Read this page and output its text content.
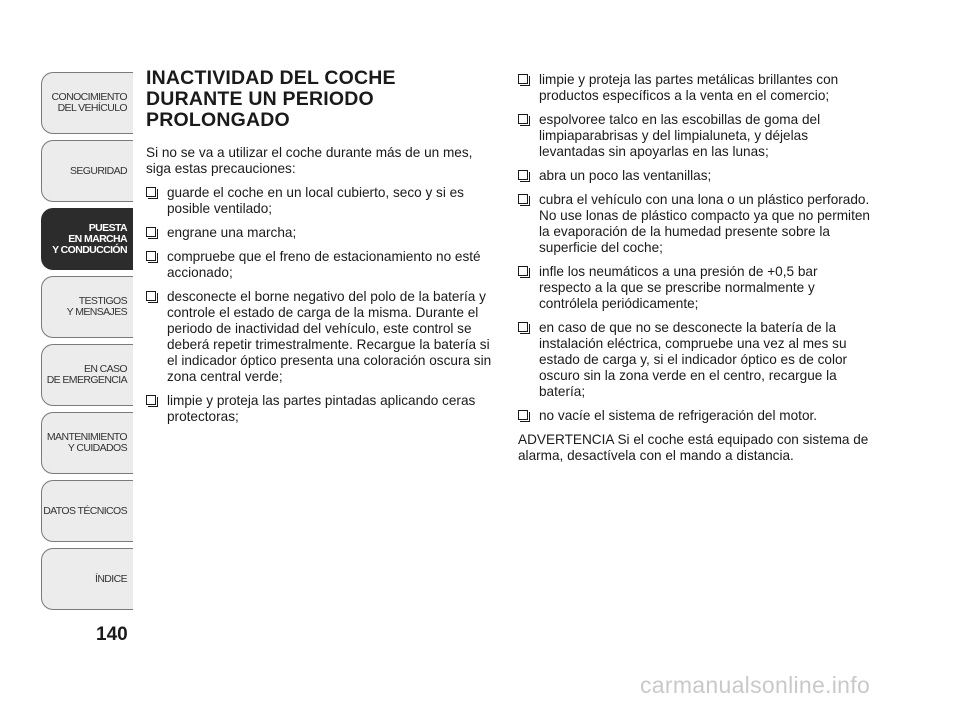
CONOCIMIENTO
DEL VEHÍCULO
SEGURIDAD
PUESTA
EN MARCHA
Y CONDUCCIÓN
TESTIGOS
Y MENSAJES
EN CASO
DE EMERGENCIA
MANTENIMIENTO
Y CUIDADOS
DATOS TÉCNICOS
ÍNDICE
140
INACTIVIDAD DEL COCHE DURANTE UN PERIODO PROLONGADO

Si no se va a utilizar el coche durante más de un mes, siga estas precauciones:

guarde el coche en un local cubierto, seco y si es posible ventilado;
engrane una marcha;
compruebe que el freno de estacionamiento no esté accionado;
desconecte el borne negativo del polo de la batería y controle el estado de carga de la misma. Durante el periodo de inactividad del vehículo, este control se deberá repetir trimestralmente. Recargue la batería si el indicador óptico presenta una coloración oscura sin zona central verde;
limpie y proteja las partes pintadas aplicando ceras protectoras;
limpie y proteja las partes metálicas brillantes con productos específicos a la venta en el comercio;
espolvoree talco en las escobillas de goma del limpiaparabrisas y del limpialuneta, y déjelas levantadas sin apoyarlas en las lunas;
abra un poco las ventanillas;
cubra el vehículo con una lona o un plástico perforado. No use lonas de plástico compacto ya que no permiten la evaporación de la humedad presente sobre la superficie del coche;
infle los neumáticos a una presión de +0,5 bar respecto a la que se prescribe normalmente y contrólela periódicamente;
en caso de que no se desconecte la batería de la instalación eléctrica, compruebe una vez al mes su estado de carga y, si el indicador óptico es de color oscuro sin la zona verde en el centro, recargue la batería;
no vacíe el sistema de refrigeración del motor.

ADVERTENCIA Si el coche está equipado con sistema de alarma, desactívela con el mando a distancia.

carmanualsonline.info
